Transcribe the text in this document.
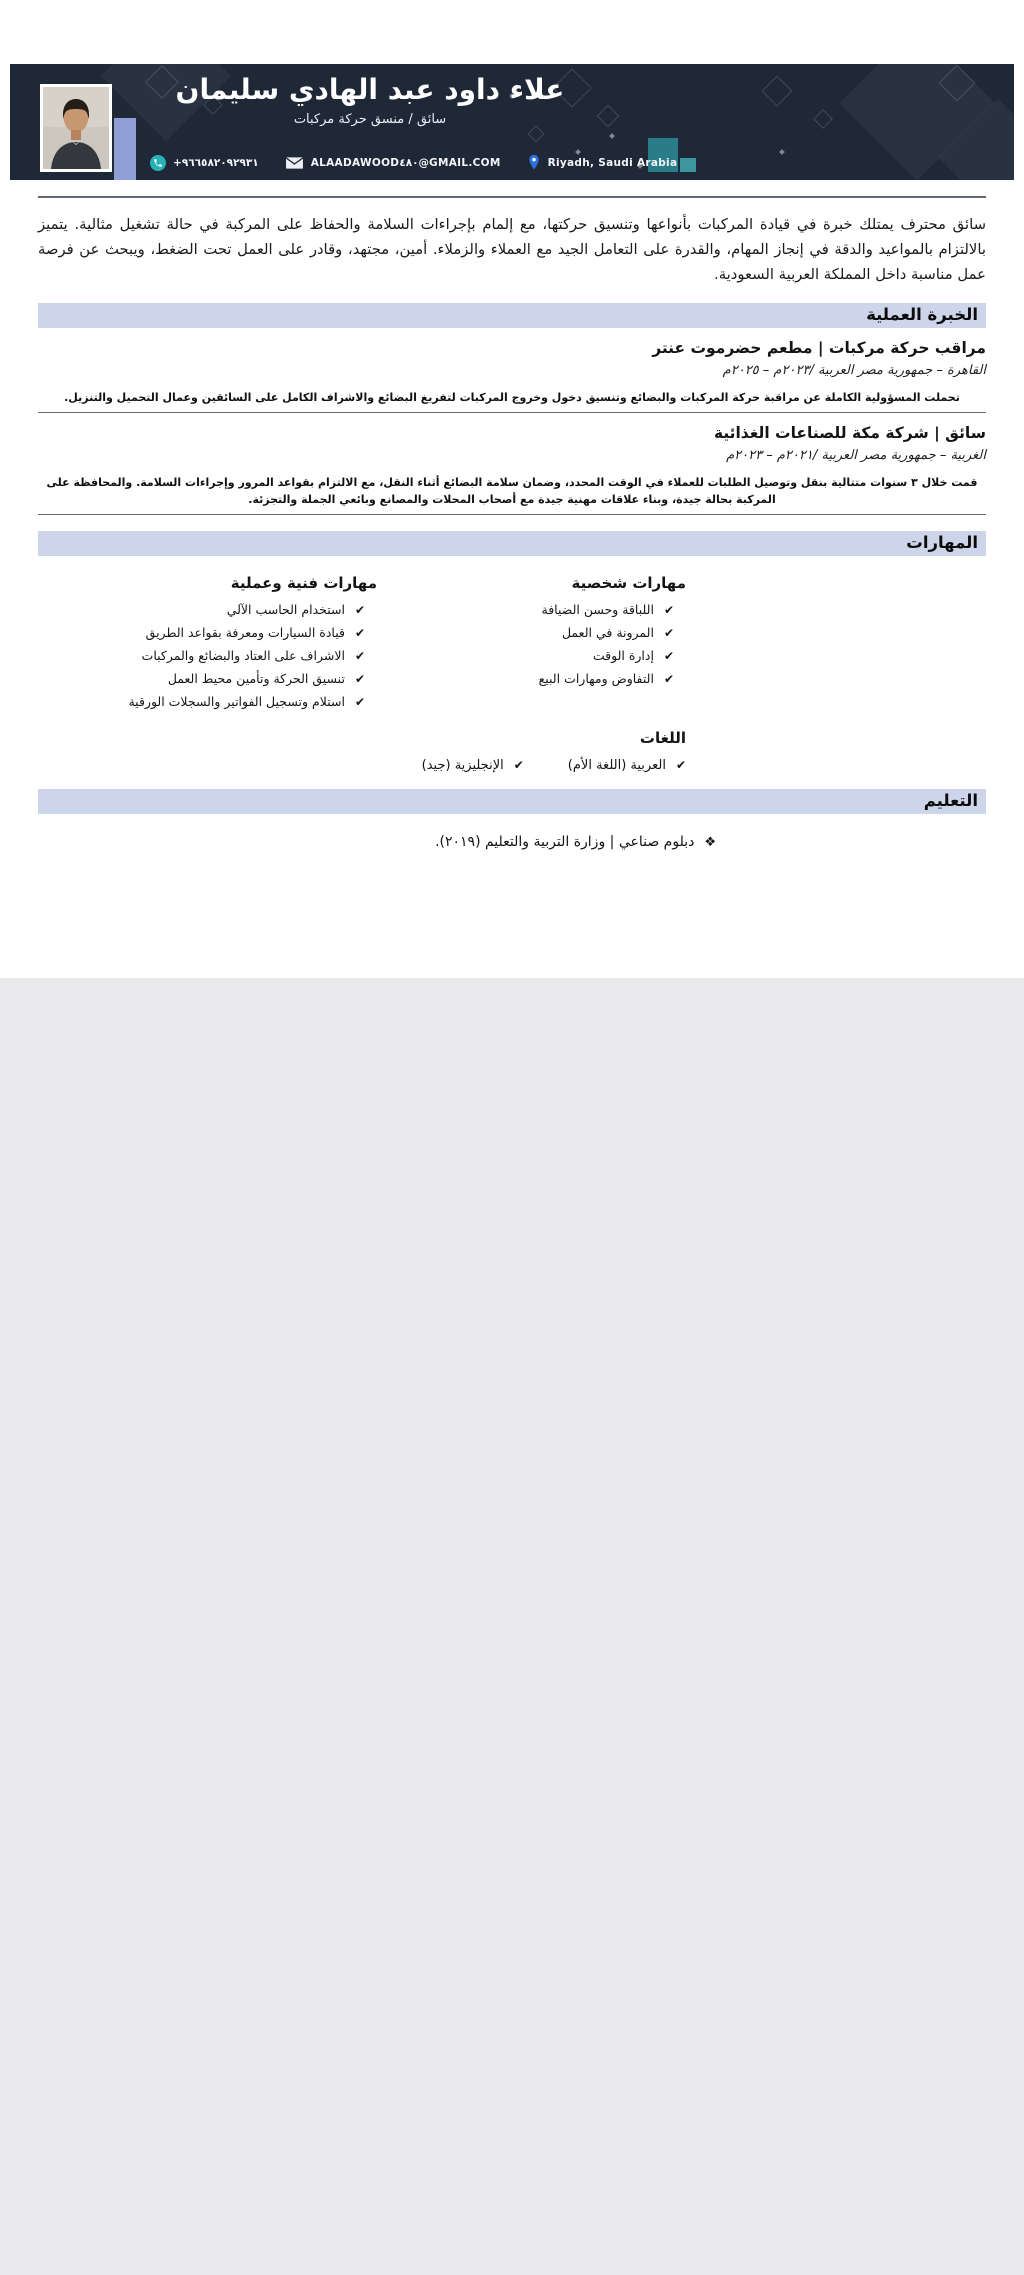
علاء داود عبد الهادي سليمان
سائق / منسق حركة مركبات
+٩٦٦٥٨٢٠٩٢٩٣١	ALAADAWOOD٤٨٠@GMAIL.COM	Riyadh, Saudi Arabia

سائق محترف يمتلك خبرة في قيادة المركبات بأنواعها وتنسيق حركتها، مع إلمام بإجراءات السلامة والحفاظ على المركبة في حالة تشغيل مثالية. يتميز بالالتزام بالمواعيد والدقة في إنجاز المهام، والقدرة على التعامل الجيد مع العملاء والزملاء. أمين، مجتهد، وقادر على العمل تحت الضغط، ويبحث عن فرصة عمل مناسبة داخل المملكة العربية السعودية.

الخبرة العملية
مراقب حركة مركبات | مطعم حضرموت عنتر

القاهرة – جمهورية مصر العربية /٢٠٢٣م – ٢٠٢٥م

تحملت المسؤولية الكاملة عن مراقبة حركة المركبات والبضائع وتنسيق دخول وخروج المركبات لتفريغ البضائع والاشراف الكامل على السائقين وعمال التحميل والتنزيل.

سائق | شركة مكة للصناعات الغذائية

الغربية – جمهورية مصر العربية /٢٠٢١م – ٢٠٢٣م

قمت خلال ٣ سنوات متتالية بنقل وتوصيل الطلبات للعملاء في الوقت المحدد، وضمان سلامة البضائع أثناء النقل، مع الالتزام بقواعد المرور وإجراءات السلامة. والمحافظة على المركبة بحالة جيدة، وبناء علاقات مهنية جيدة مع أصحاب المحلات والمصانع وبائعي الجملة والتجزئة.

المهارات
مهارات شخصية
✔اللباقة وحسن الضيافة
✔المرونة في العمل
✔إدارة الوقت
✔التفاوض ومهارات البيع
مهارات فنية وعملية
✔استخدام الحاسب الآلي
✔قيادة السيارات ومعرفة بقواعد الطريق
✔الاشراف على العتاد والبضائع والمركبات
✔تنسيق الحركة وتأمين محيط العمل
✔استلام وتسجيل الفواتير والسجلات الورقية
اللغات
✔العربية (اللغة الأم)
✔الإنجليزية (جيد)
التعليم
❖دبلوم صناعي | وزارة التربية والتعليم (٢٠١٩).
